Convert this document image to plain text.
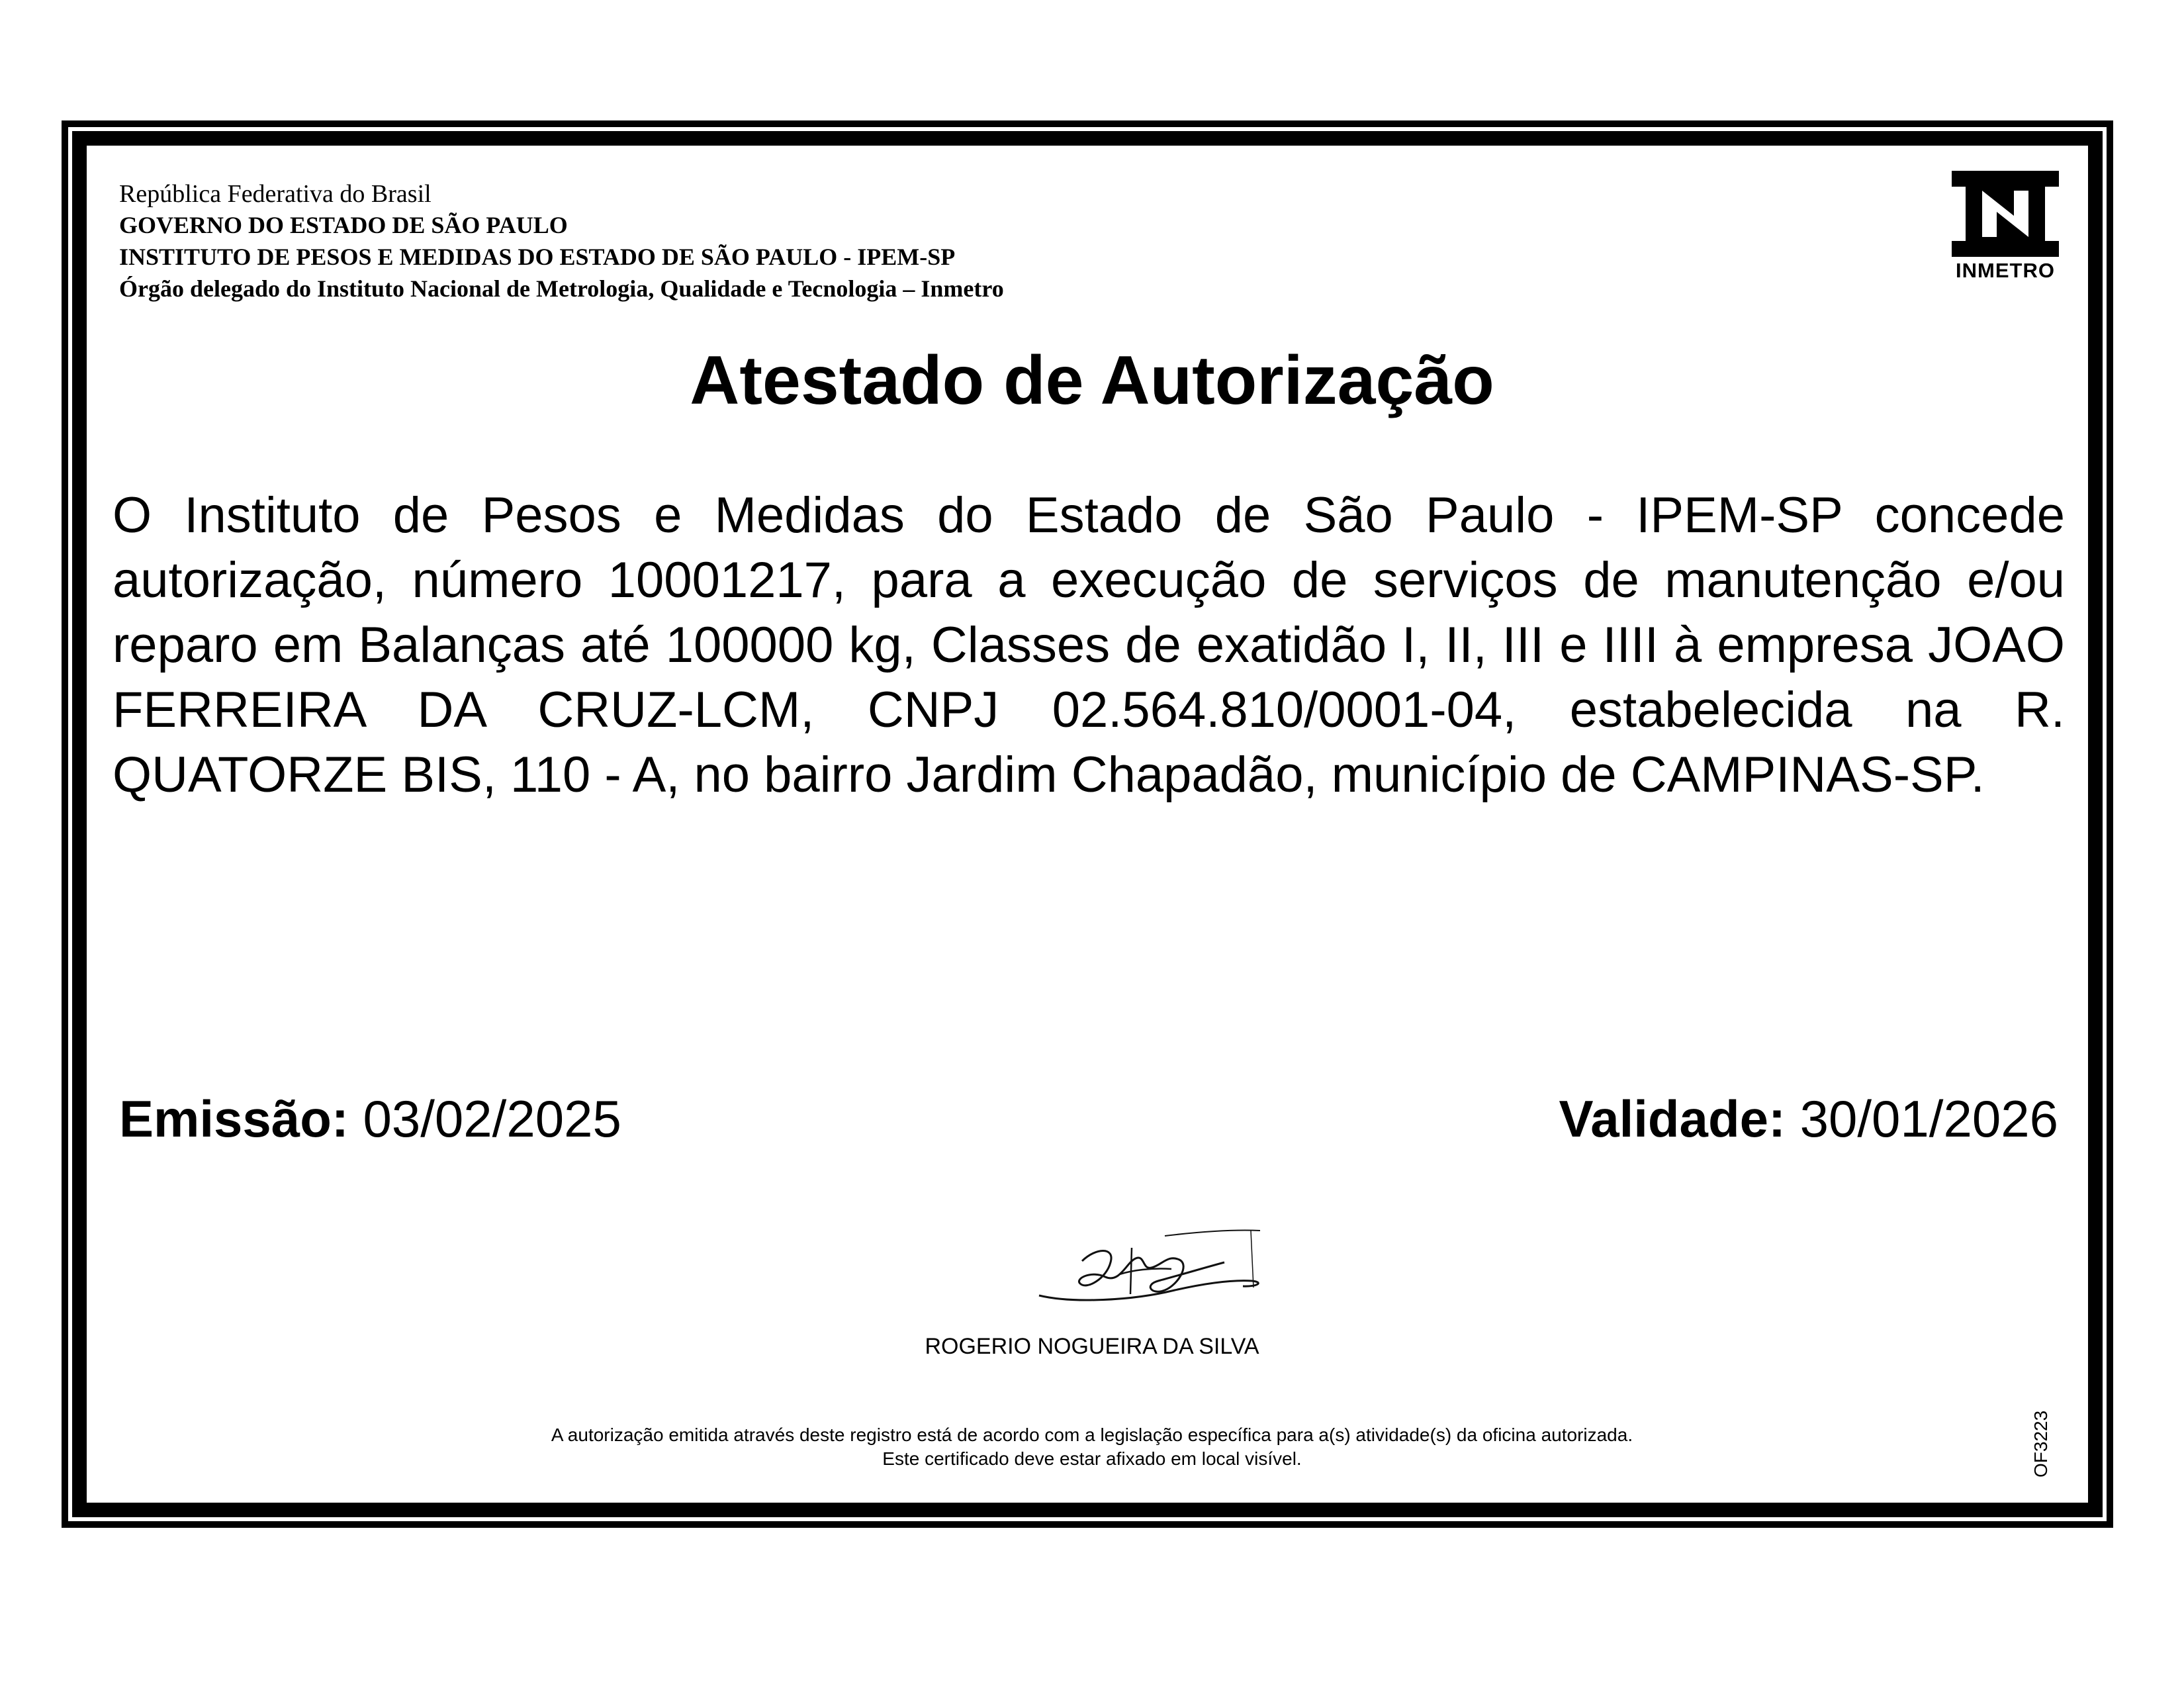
República Federativa do Brasil
GOVERNO DO ESTADO DE SÃO PAULO
INSTITUTO DE PESOS E MEDIDAS DO ESTADO DE SÃO PAULO - IPEM-SP
Órgão delegado do Instituto Nacional de Metrologia, Qualidade e Tecnologia – Inmetro
INMETRO
Atestado de Autorização
O Instituto de Pesos e Medidas do Estado de São Paulo - IPEM-SP concede autorização, número 10001217, para a execução de serviços de manutenção e/ou reparo em Balanças até 100000 kg, Classes de exatidão I, II, III e IIII à empresa JOAO FERREIRA DA CRUZ-LCM, CNPJ 02.564.810/0001-04, estabelecida na R. QUATORZE BIS, 110 - A, no bairro Jardim Chapadão, município de CAMPINAS-SP.
Emissão: 03/02/2025	Validade: 30/01/2026
ROGERIO NOGUEIRA DA SILVA
A autorização emitida através deste registro está de acordo com a legislação específica para a(s) atividade(s) da oficina autorizada.
Este certificado deve estar afixado em local visível.	OF3223
